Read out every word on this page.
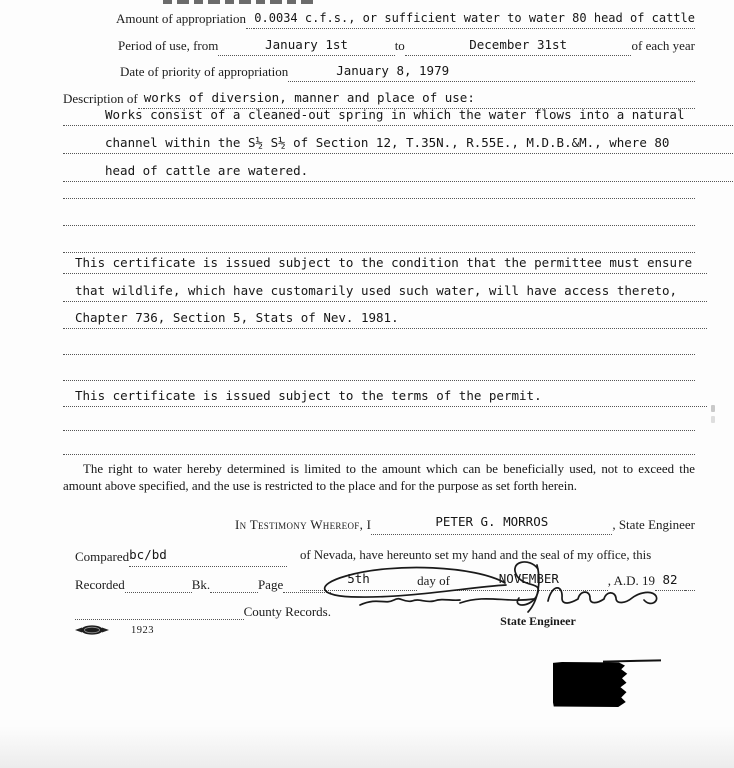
Amount of appropriation 0.0034 c.f.s., or sufficient water to water 80 head of cattle
Period of use, from	January 1st	to	December 31st	of each year
Date of priority of appropriation	January 8, 1979
Description of works of diversion, manner and place of use:
Works consist of a cleaned-out spring in which the water flows into a natural
channel within the S½ S½ of Section 12, T.35N., R.55E., M.D.B.&M., where 80
head of cattle are watered.
This certificate is issued subject to the condition that the permittee must ensure
that wildlife, which have customarily used such water, will have access thereto,
Chapter 736, Section 5, Stats of Nev. 1981.
This certificate is issued subject to the terms of the permit.
The right to water hereby determined is limited to the amount which can be beneficially used, not to exceed the amount above specified, and the use is restricted to the place and for the purpose as set forth herein.
In Testimony Whereof, I	PETER G. MORROS	, State Engineer
Compared bc/bd
Recorded	Bk.	Page
County Records.
of Nevada, have hereunto set my hand and the seal of my office, this
5th	day of	NOVEMBER	, A.D. 19 82
State Engineer
1923
